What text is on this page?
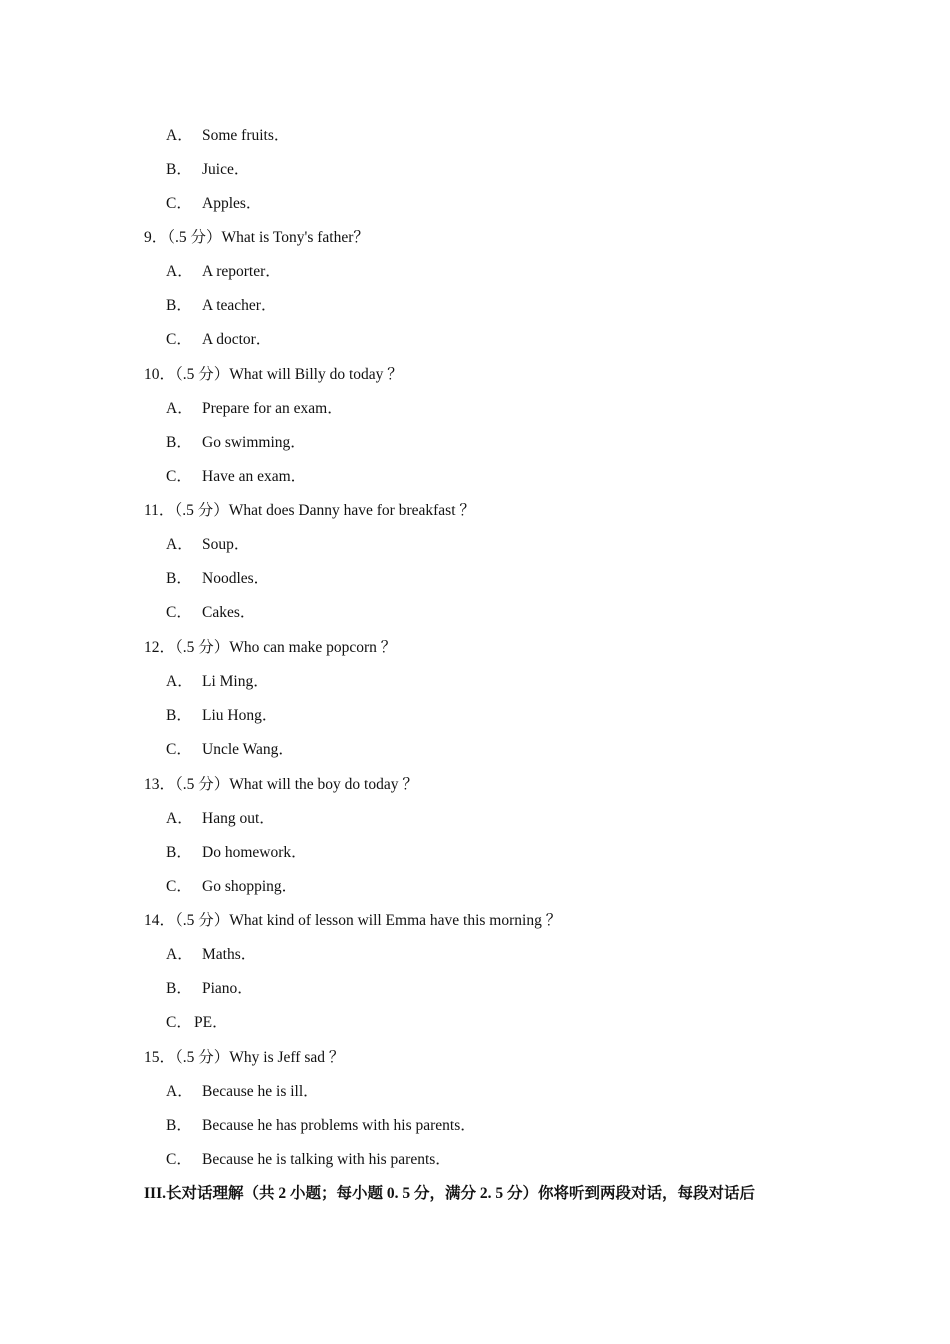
A． Some fruits．
B． Juice．
C． Apples．
9．（.5 分）What is Tony's father？
A． A reporter．
B． A teacher．
C． A doctor．
10．（.5 分）What will Billy do today ？
A． Prepare for an exam．
B． Go swimming．
C． Have an exam．
11．（.5 分）What does Danny have for breakfast ？
A． Soup．
B． Noodles．
C． Cakes．
12．（.5 分）Who can make popcorn ？
A． Li Ming．
B． Liu Hong．
C． Uncle Wang．
13．（.5 分）What will the boy do today ？
A． Hang out．
B． Do homework．
C． Go shopping．
14．（.5 分）What kind of lesson will Emma have this morning ？
A． Maths．
B． Piano．
C． PE．
15．（.5 分）Why is Jeff sad ？
A． Because he is ill．
B． Because he has problems with his parents．
C． Because he is talking with his parents．
III.长对话理解（共 2 小题；每小题 0. 5 分，满分 2. 5 分）你将听到两段对话，每段对话后
